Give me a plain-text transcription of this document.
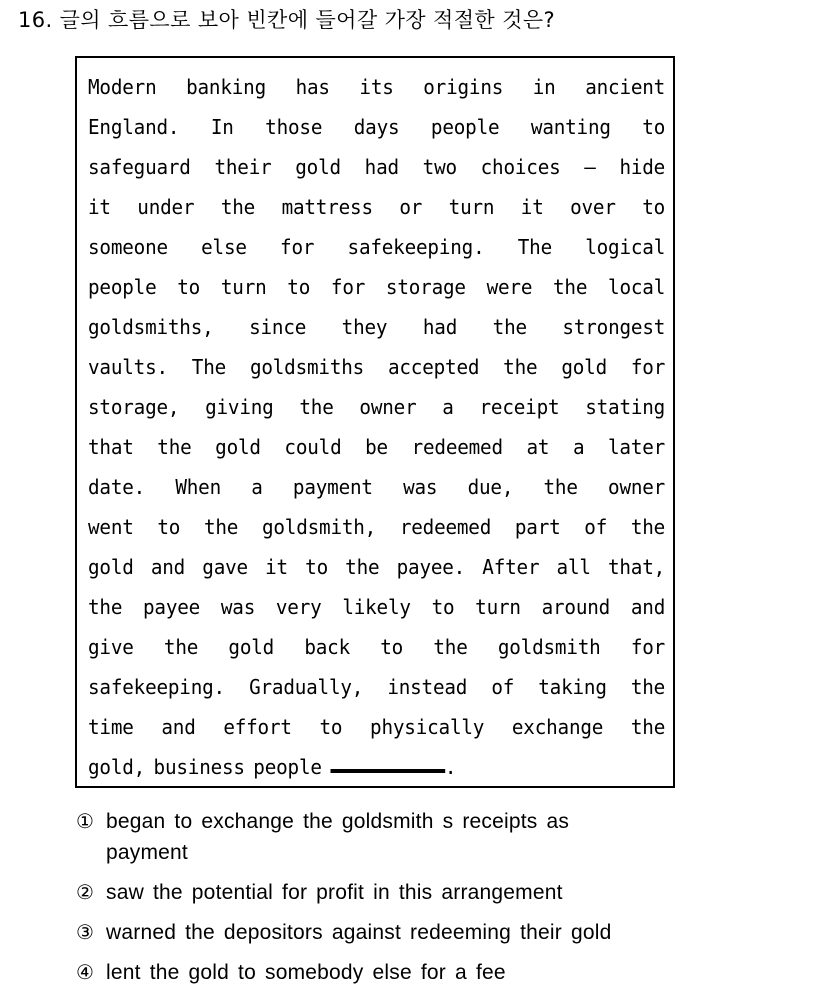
16. 글의 흐름으로 보아 빈칸에 들어갈 가장 적절한 것은?
Modern banking has its origins in ancient
England. In those days people wanting to
safeguard their gold had two choices — hide
it under the mattress or turn it over to
someone else for safekeeping. The logical
people to turn to for storage were the local
goldsmiths, since they had the strongest
vaults. The goldsmiths accepted the gold for
storage, giving the owner a receipt stating
that the gold could be redeemed at a later
date. When a payment was due, the owner
went to the goldsmith, redeemed part of the
gold and gave it to the payee. After all that,
the payee was very likely to turn around and
give the gold back to the goldsmith for
safekeeping. Gradually, instead of taking the
time and effort to physically exchange the
gold, business people	.
① began to exchange the goldsmith s receipts as
payment
② saw the potential for profit in this arrangement
③ warned the depositors against redeeming their gold
④ lent the gold to somebody else for a fee
